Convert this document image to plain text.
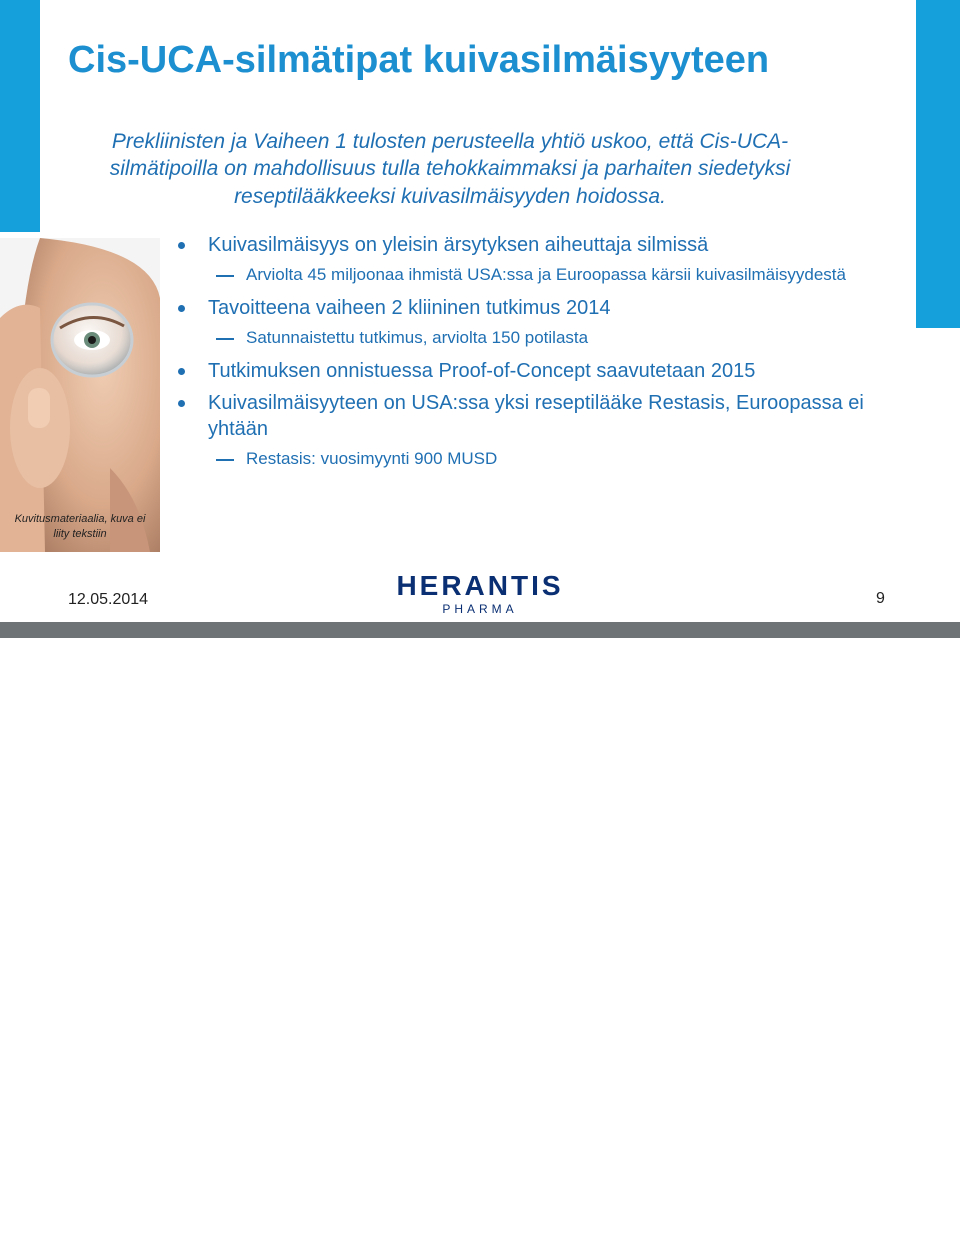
Cis-UCA-silmätipat kuivasilmäisyyteen

Prekliinisten ja Vaiheen 1 tulosten perusteella yhtiö uskoo, että Cis-UCA-silmätipoilla on mahdollisuus tulla tehokkaimmaksi ja parhaiten siedetyksi reseptilääkkeeksi kuivasilmäisyyden hoidossa.

Kuvitusmateriaalia, kuva ei liity tekstiin

Kuivasilmäisyys on yleisin ärsytyksen aiheuttaja silmissä
Arviolta 45 miljoonaa ihmistä USA:ssa ja Euroopassa kärsii kuivasilmäisyydestä
Tavoitteena vaiheen 2 kliininen tutkimus 2014
Satunnaistettu tutkimus, arviolta 150 potilasta
Tutkimuksen onnistuessa Proof-of-Concept saavutetaan 2015
Kuivasilmäisyyteen on USA:ssa yksi reseptilääke Restasis, Euroopassa ei yhtään
Restasis: vuosimyynti 900 MUSD
12.05.2014	HERANTIS
PHARMA
9
Copyright © 2014 HERANTIS PHARMA Plc. All rights reserved.
